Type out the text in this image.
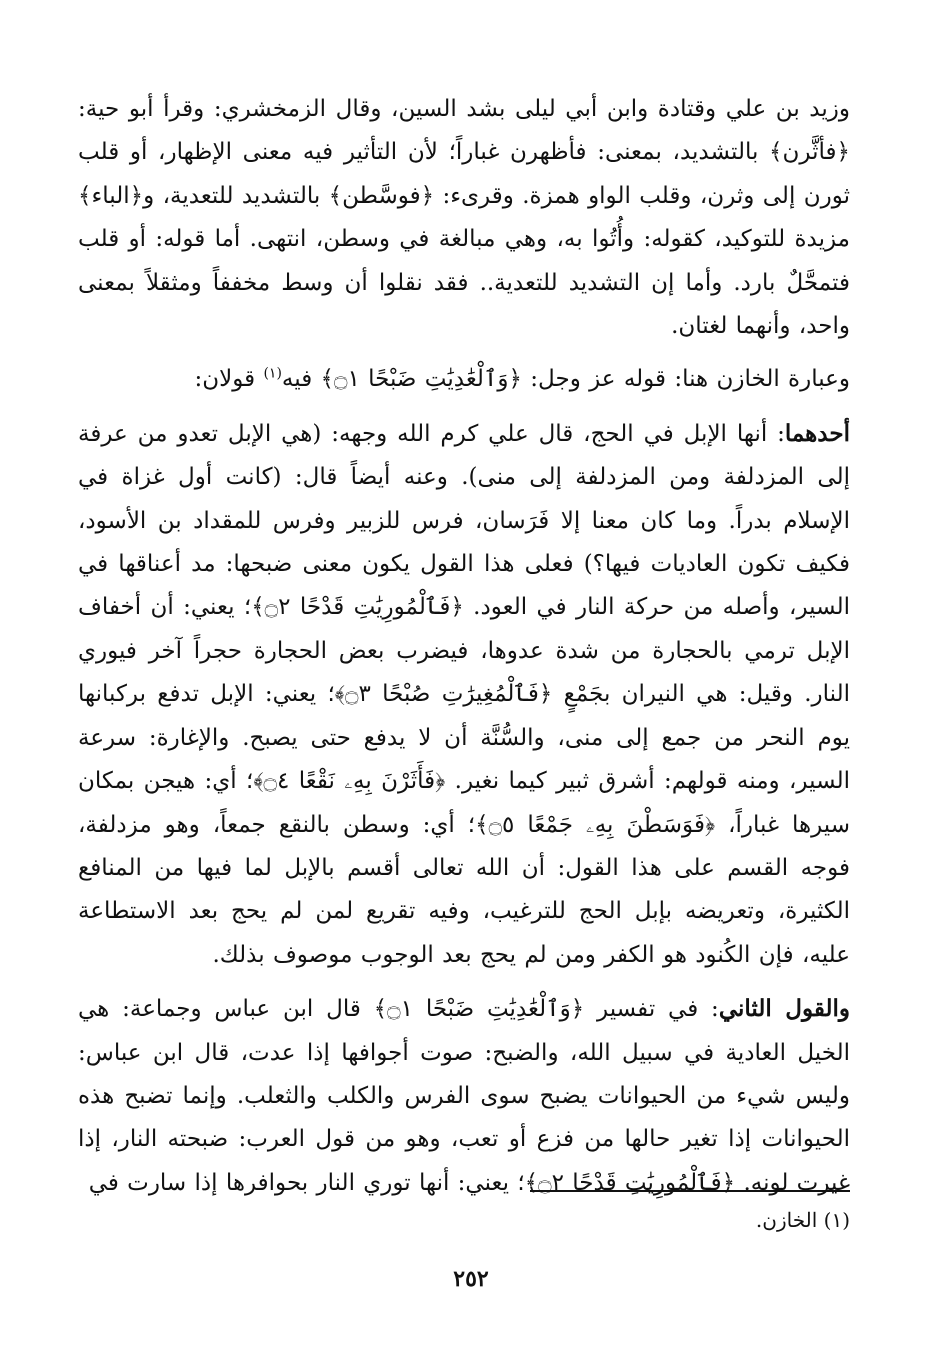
وزيد بن علي وقتادة وابن أبي ليلى بشد السين، وقال الزمخشري: وقرأ أبو حية: ﴿فأثَّرن﴾ بالتشديد، بمعنى: فأظهرن غباراً؛ لأن التأثير فيه معنى الإظهار، أو قلب ثورن إلى وثرن، وقلب الواو همزة. وقرىء: ﴿فوسَّطن﴾ بالتشديد للتعدية، و﴿الباء﴾ مزيدة للتوكيد، كقوله: وأُتُوا به، وهي مبالغة في وسطن، انتهى. أما قوله: أو قلب فتمحَّلٌ بارد. وأما إن التشديد للتعدية.. فقد نقلوا أن وسط مخففاً ومثقلاً بمعنى واحد، وأنهما لغتان.

وعبارة الخازن هنا: قوله عز وجل: ﴿وَٱلْعَٰدِيَٰتِ ضَبْحًا ۝١﴾ فيه$^{(١)}$ قولان:

أحدهما: أنها الإبل في الحج، قال علي كرم الله وجهه: (هي الإبل تعدو من عرفة إلى المزدلفة ومن المزدلفة إلى منى). وعنه أيضاً قال: (كانت أول غزاة في الإسلام بدراً. وما كان معنا إلا فَرَسان، فرس للزبير وفرس للمقداد بن الأسود، فكيف تكون العاديات فيها؟) فعلى هذا القول يكون معنى ضبحها: مد أعناقها في السير، وأصله من حركة النار في العود. ﴿فَٱلْمُورِيَٰتِ قَدْحًا ۝٢﴾؛ يعني: أن أخفاف الإبل ترمي بالحجارة من شدة عدوها، فيضرب بعض الحجارة حجراً آخر فيوري النار. وقيل: هي النيران بجَمْعٍ ﴿فَٱلْمُغِيرَٰتِ صُبْحًا ۝٣﴾؛ يعني: الإبل تدفع بركبانها يوم النحر من جمع إلى منى، والسُّنَّة أن لا يدفع حتى يصبح. والإغارة: سرعة السير، ومنه قولهم: أشرق ثبير كيما نغير. ﴿فَأَثَرْنَ بِهِۦ نَقْعًا ۝٤﴾؛ أي: هيجن بمكان سيرها غباراً، ﴿فَوَسَطْنَ بِهِۦ جَمْعًا ۝٥﴾؛ أي: وسطن بالنقع جمعاً، وهو مزدلفة، فوجه القسم على هذا القول: أن الله تعالى أقسم بالإبل لما فيها من المنافع الكثيرة، وتعريضه بإبل الحج للترغيب، وفيه تقريع لمن لم يحج بعد الاستطاعة عليه، فإن الكُنود هو الكفر ومن لم يحج بعد الوجوب موصوف بذلك.

والقول الثاني: في تفسير ﴿وَٱلْعَٰدِيَٰتِ ضَبْحًا ۝١﴾ قال ابن عباس وجماعة: هي الخيل العادية في سبيل الله، والضبح: صوت أجوافها إذا عدت، قال ابن عباس: وليس شيء من الحيوانات يضبح سوى الفرس والكلب والثعلب. وإنما تضبح هذه الحيوانات إذا تغير حالها من فزع أو تعب، وهو من قول العرب: ضبحته النار، إذا غيرت لونه. ﴿فَٱلْمُورِيَٰتِ قَدْحًا ۝٢﴾؛ يعني: أنها توري النار بحوافرها إذا سارت في

(١) الخازن.
٢٥٢
